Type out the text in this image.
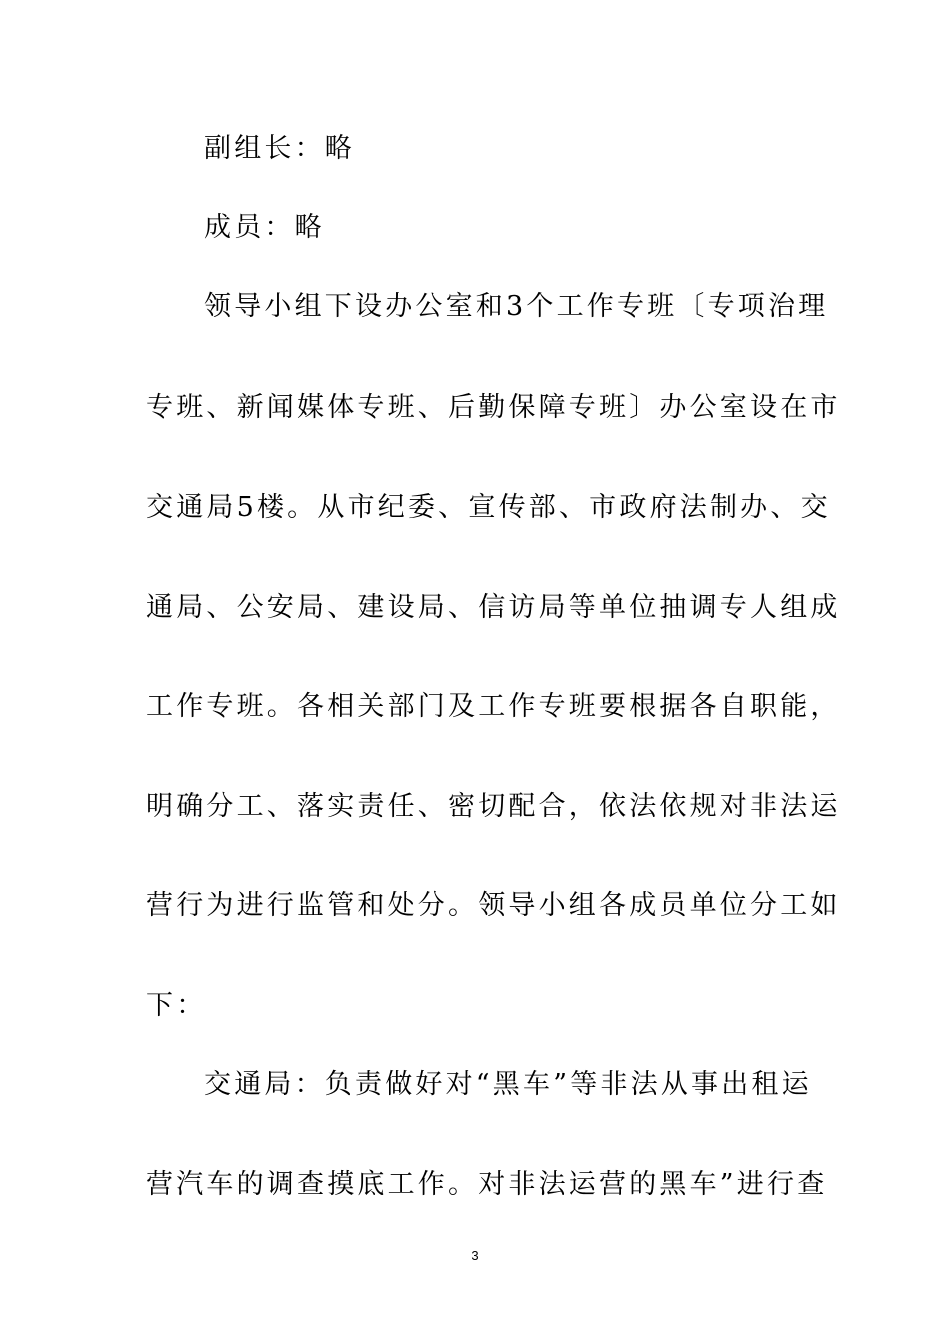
副组长：略
成员：略
领导小组下设办公室和3个工作专班〔专项治理
专班、新闻媒体专班、后勤保障专班〕办公室设在市
交通局5楼。从市纪委、宣传部、市政府法制办、交
通局、公安局、建设局、信访局等单位抽调专人组成
工作专班。各相关部门及工作专班要根据各自职能，
明确分工、落实责任、密切配合，依法依规对非法运
营行为进行监管和处分。领导小组各成员单位分工如
下：
交通局：负责做好对“黑车”等非法从事出租运
营汽车的调查摸底工作。对非法运营的黑车”进行查
3
